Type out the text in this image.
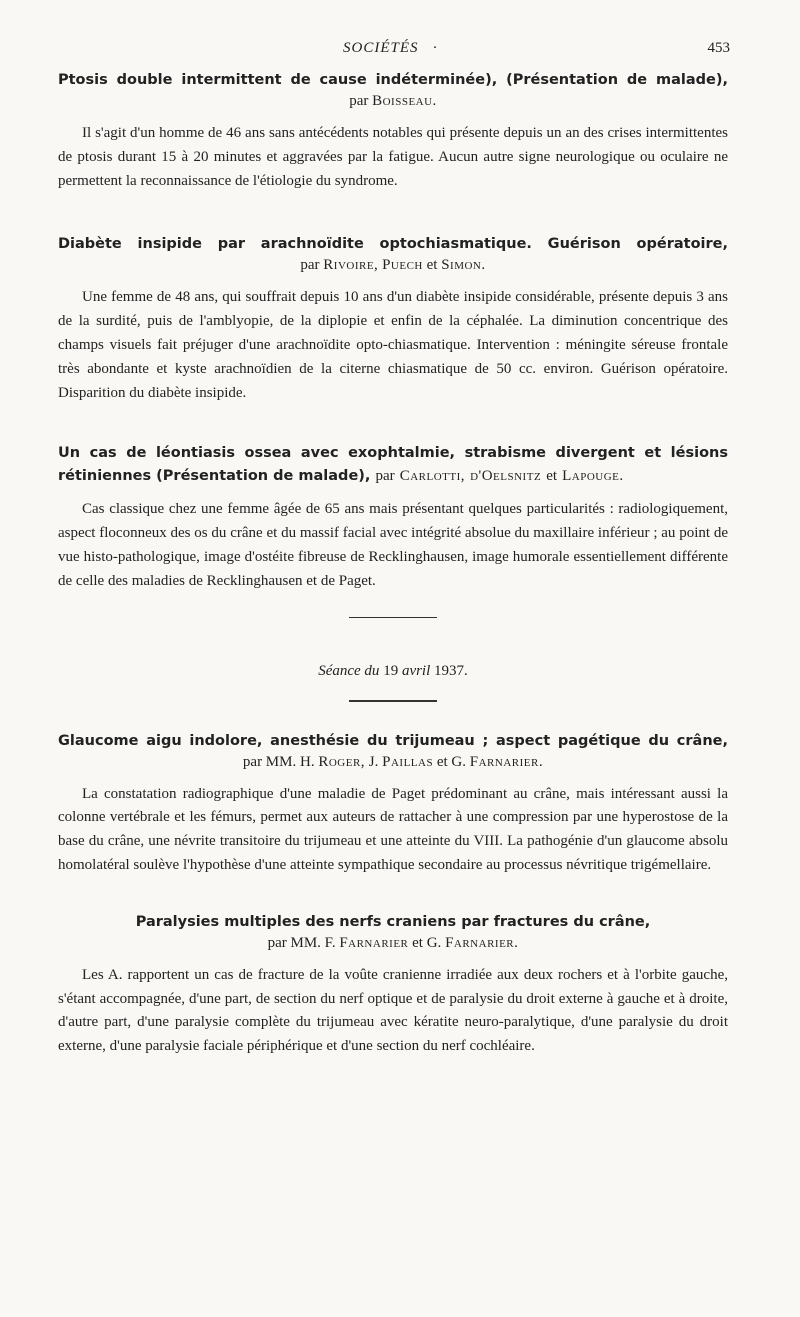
SOCIÉTÉS ·	453

Ptosis double intermittent de cause indéterminée), (Présentation de malade),

par Boisseau.

Il s'agit d'un homme de 46 ans sans antécédents notables qui présente depuis un an des crises intermittentes de ptosis durant 15 à 20 minutes et aggravées par la fatigue. Aucun autre signe neurologique ou oculaire ne permettent la reconnaissance de l'étiologie du syndrome.

Diabète insipide par arachnoïdite optochiasmatique. Guérison opératoire,

par Rivoire, Puech et Simon.

Une femme de 48 ans, qui souffrait depuis 10 ans d'un diabète insipide considérable, présente depuis 3 ans de la surdité, puis de l'amblyopie, de la diplopie et enfin de la céphalée. La diminution concentrique des champs visuels fait préjuger d'une arachnoïdite opto-chiasmatique. Intervention : méningite séreuse frontale très abondante et kyste arachnoïdien de la citerne chiasmatique de 50 cc. environ. Guérison opératoire. Disparition du diabète insipide.

Un cas de léontiasis ossea avec exophtalmie, strabisme divergent et lésions

rétiniennes (Présentation de malade), par Carlotti, d'Oelsnitz et Lapouge.

Cas classique chez une femme âgée de 65 ans mais présentant quelques particularités : radiologiquement, aspect floconneux des os du crâne et du massif facial avec intégrité absolue du maxillaire inférieur ; au point de vue histo-pathologique, image d'ostéite fibreuse de Recklinghausen, image humorale essentiellement différente de celle des maladies de Recklinghausen et de Paget.

Séance du 19 avril 1937.

Glaucome aigu indolore, anesthésie du trijumeau ; aspect pagétique du crâne,

par MM. H. Roger, J. Paillas et G. Farnarier.

La constatation radiographique d'une maladie de Paget prédominant au crâne, mais intéressant aussi la colonne vertébrale et les fémurs, permet aux auteurs de rattacher à une compression par une hyperostose de la base du crâne, une névrite transitoire du trijumeau et une atteinte du VIII. La pathogénie d'un glaucome absolu homolatéral soulève l'hypothèse d'une atteinte sympathique secondaire au processus névritique trigémellaire.

Paralysies multiples des nerfs craniens par fractures du crâne,

par MM. F. Farnarier et G. Farnarier.

Les A. rapportent un cas de fracture de la voûte cranienne irradiée aux deux rochers et à l'orbite gauche, s'étant accompagnée, d'une part, de section du nerf optique et de paralysie du droit externe à gauche et à droite, d'autre part, d'une paralysie complète du trijumeau avec kératite neuro-paralytique, d'une paralysie du droit externe, d'une paralysie faciale périphérique et d'une section du nerf cochléaire.
